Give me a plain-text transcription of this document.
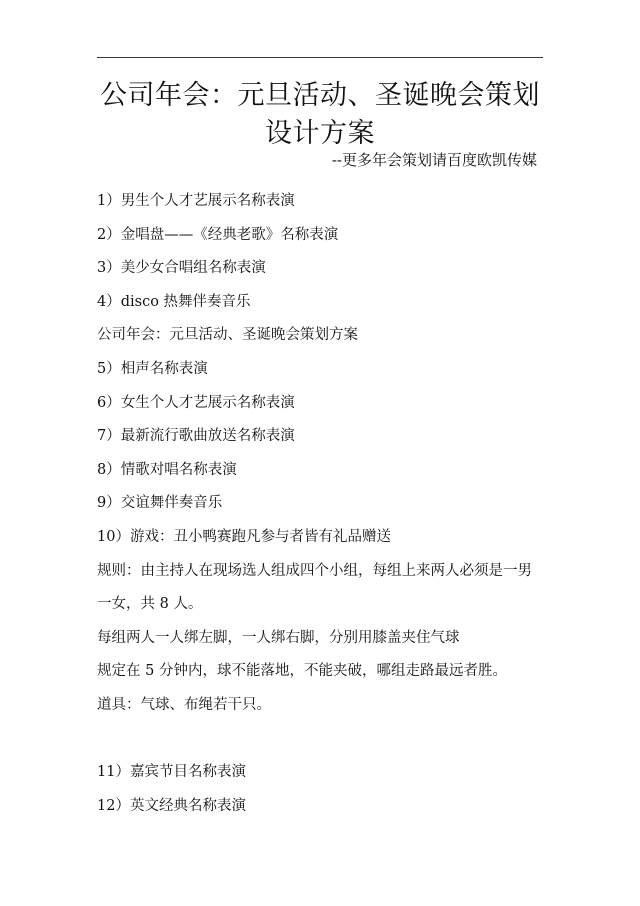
公司年会：元旦活动、圣诞晚会策划设计方案
--更多年会策划请百度欧凯传媒
1）男生个人才艺展示名称表演
2）金唱盘——《经典老歌》名称表演
3）美少女合唱组名称表演
4）disco 热舞伴奏音乐
公司年会：元旦活动、圣诞晚会策划方案
5）相声名称表演
6）女生个人才艺展示名称表演
7）最新流行歌曲放送名称表演
8）情歌对唱名称表演
9）交谊舞伴奏音乐
10）游戏：丑小鸭赛跑凡参与者皆有礼品赠送
规则：由主持人在现场选人组成四个小组，每组上来两人必须是一男
一女，共 8 人。
每组两人一人绑左脚，一人绑右脚，分别用膝盖夹住气球
规定在 5 分钟内，球不能落地，不能夹破，哪组走路最远者胜。
道具：气球、布绳若干只。
11）嘉宾节目名称表演
12）英文经典名称表演
